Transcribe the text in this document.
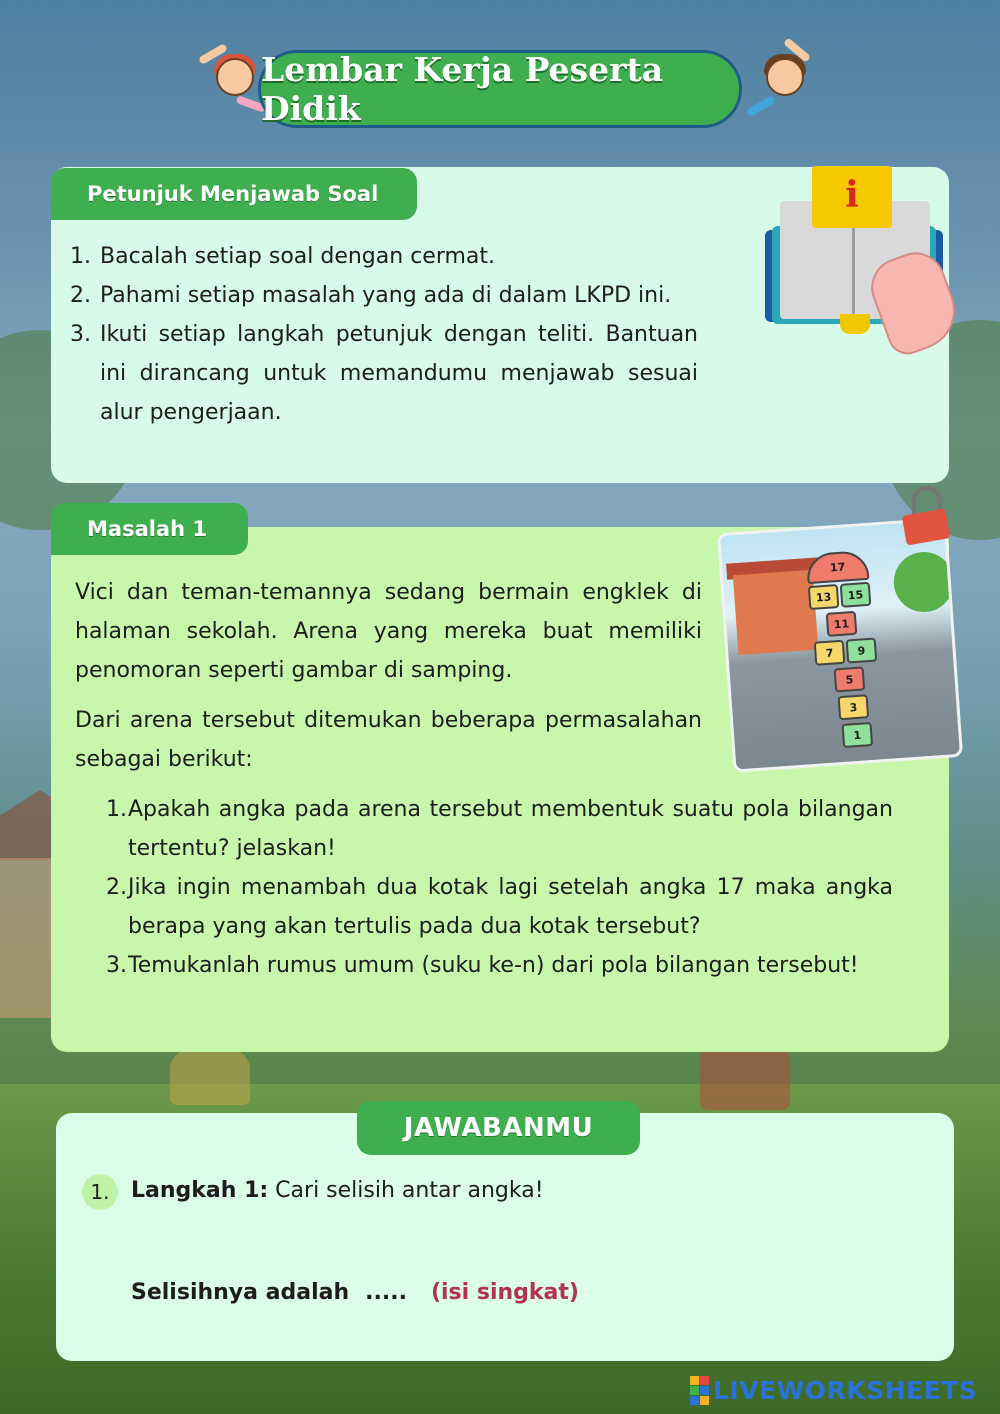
Lembar Kerja Peserta Didik
Petunjuk Menjawab Soal
1. Bacalah setiap soal dengan cermat.
2. Pahami setiap masalah yang ada di dalam LKPD ini.
3. Ikuti setiap langkah petunjuk dengan teliti. Bantuan ini dirancang untuk memandumu menjawab sesuai alur pengerjaan.
i
Masalah 1

Vici dan teman-temannya sedang bermain engklek di halaman sekolah. Arena yang mereka buat memiliki penomoran seperti gambar di samping.

Dari arena tersebut ditemukan beberapa permasalahan sebagai berikut:

1. Apakah angka pada arena tersebut membentuk suatu pola bilangan tertentu? jelaskan!
2. Jika ingin menambah dua kotak lagi setelah angka 17 maka angka berapa yang akan tertulis pada dua kotak tersebut?
3. Temukanlah rumus umum (suku ke-n) dari pola bilangan tersebut!
17
13	15
11
7	9
5
3
1
JAWABANMU
1. Langkah 1: Cari selisih antar angka!
Selisihnya adalah ..... (isi singkat)
LIVEWORKSHEETS
